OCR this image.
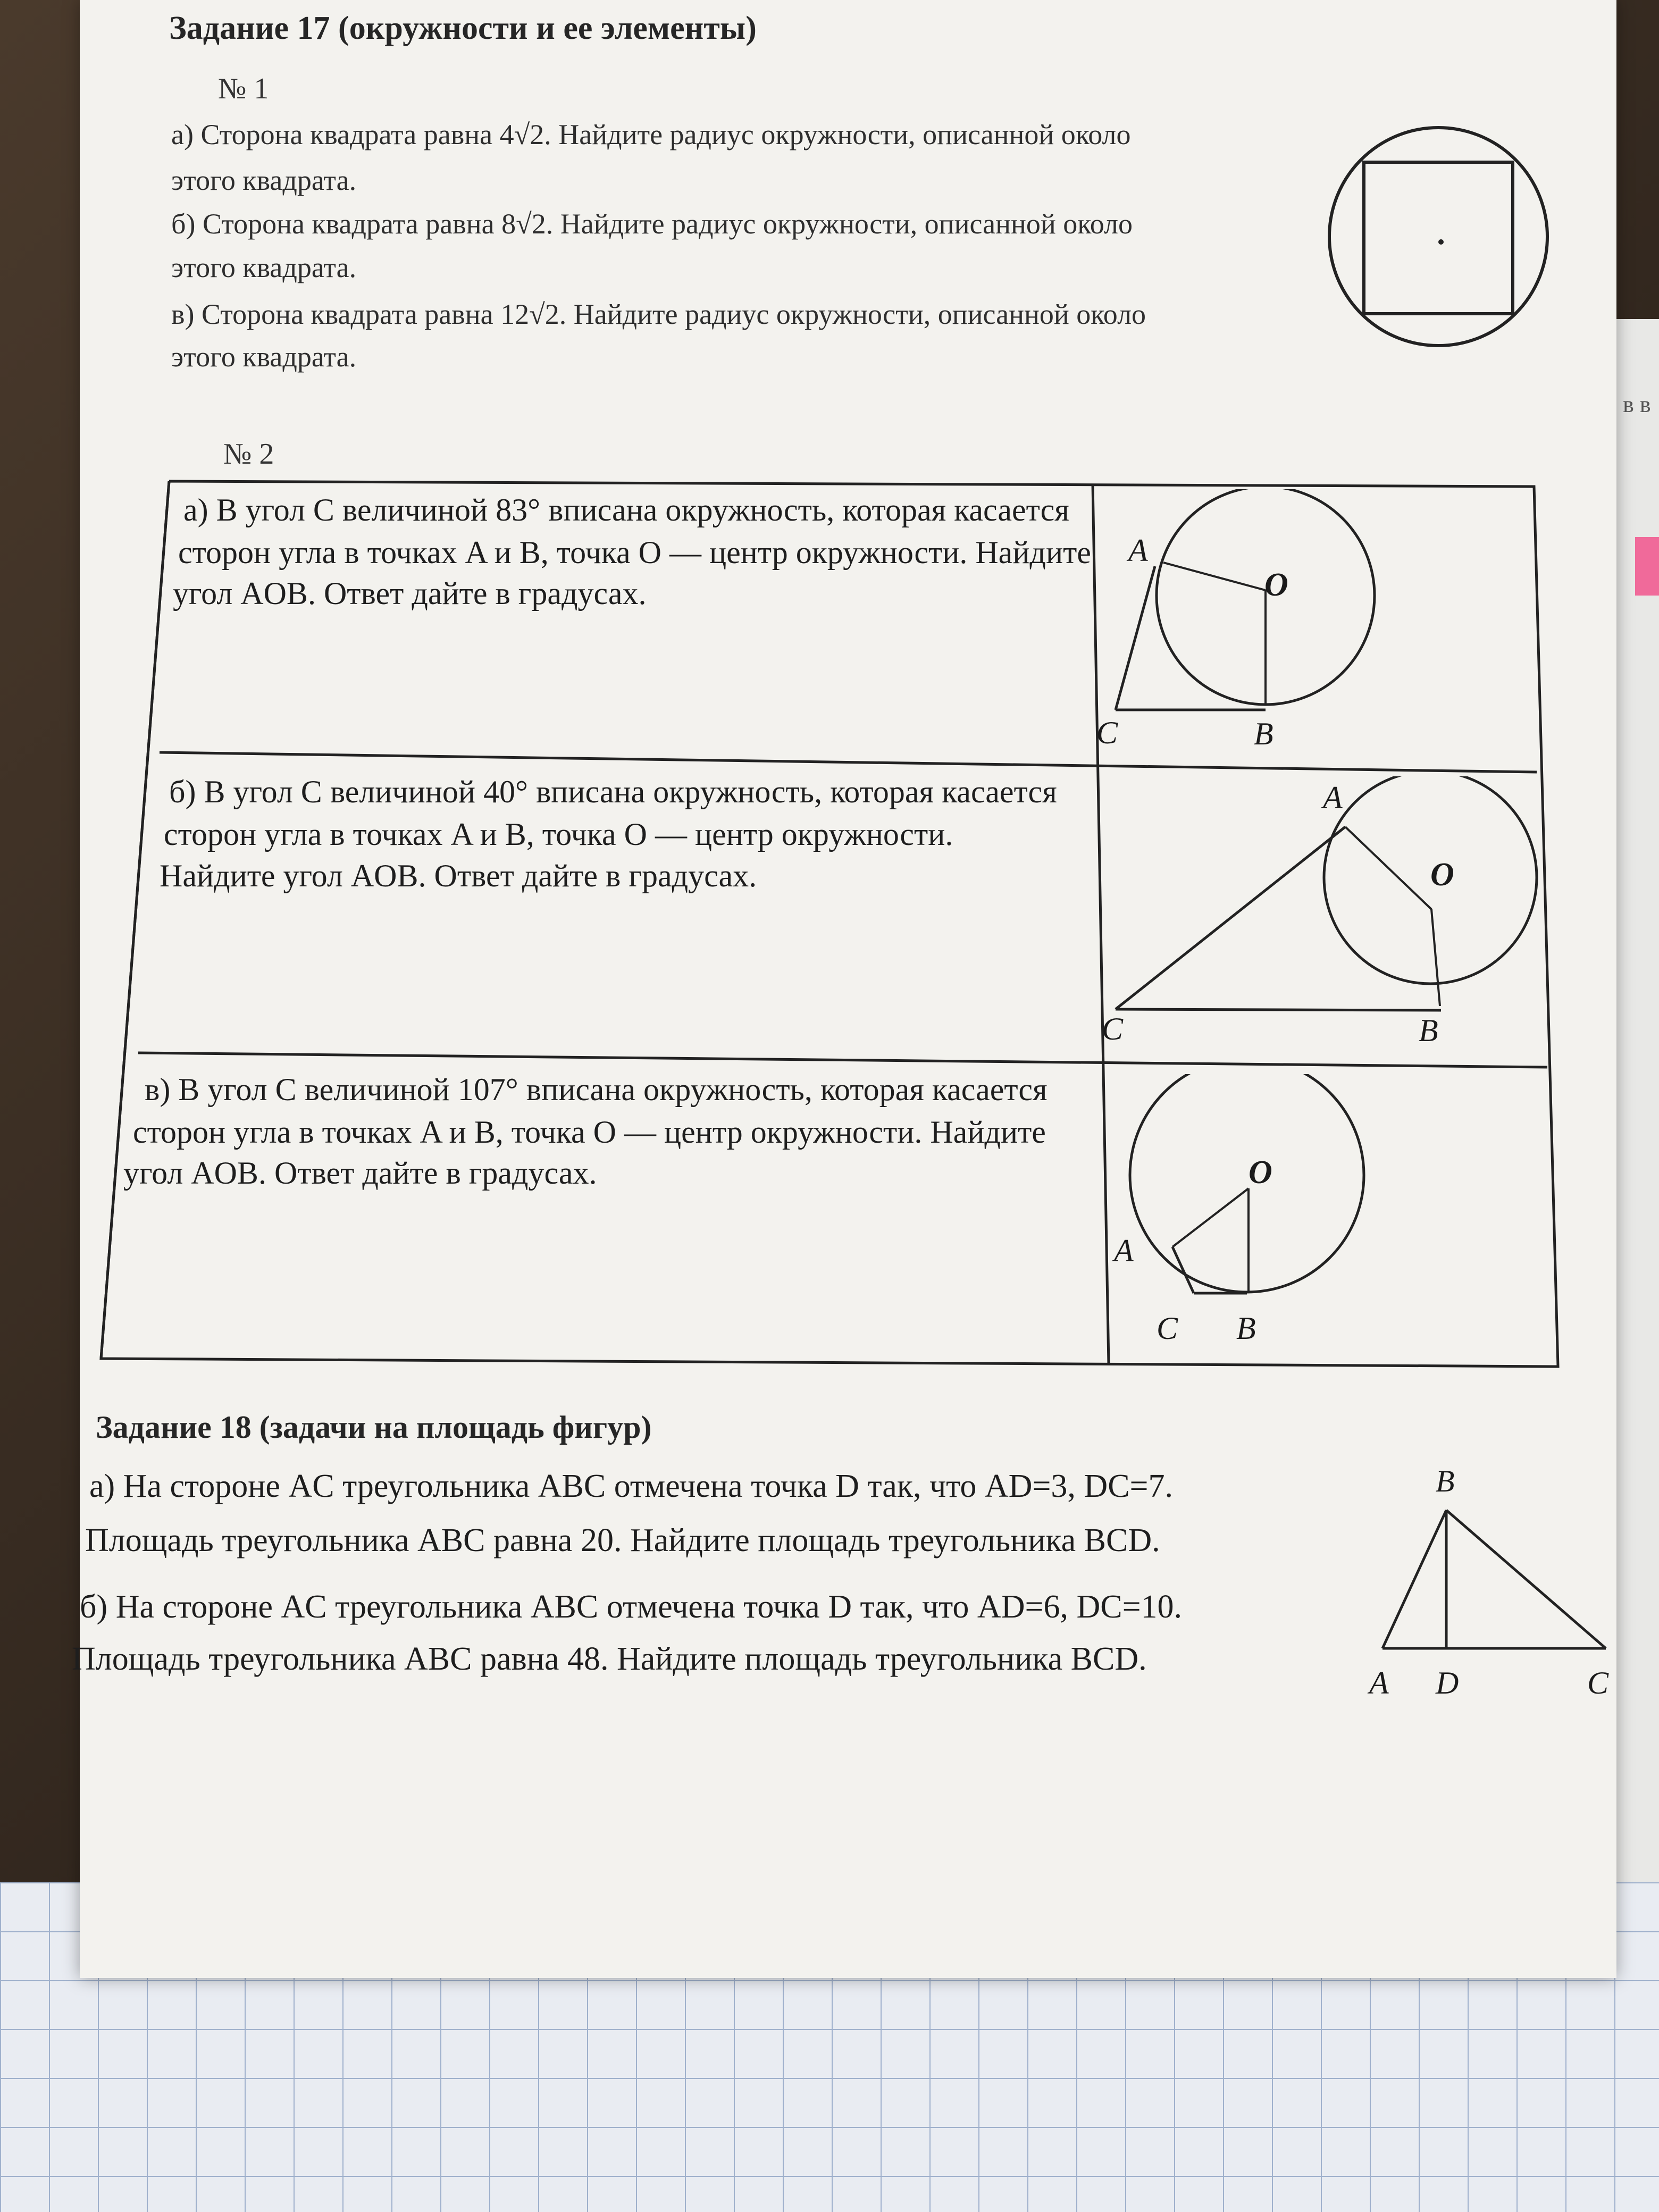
в в
Задание 17 (окружности и ее элементы)
№ 1
а) Сторона квадрата равна 4√2. Найдите радиус окружности, описанной около
этого квадрата.
б) Сторона квадрата равна 8√2. Найдите радиус окружности, описанной около
этого квадрата.
в) Сторона квадрата равна 12√2. Найдите радиус окружности, описанной около
этого квадрата.
№ 2
а) В угол C величиной 83° вписана окружность, которая касается
сторон угла в точках A и B, точка O — центр окружности. Найдите
угол AOB. Ответ дайте в градусах.
б) В угол C величиной 40° вписана окружность, которая касается
сторон угла в точках A и B, точка O — центр окружности.
Найдите угол AOB. Ответ дайте в градусах.
в) В угол C величиной 107° вписана окружность, которая касается
сторон угла в точках A и B, точка O — центр окружности. Найдите
угол AOB. Ответ дайте в градусах.
A
O
C	B
A
O
C	B
O
A
C B
Задание 18 (задачи на площадь фигур)
а) На стороне AC треугольника ABC отмечена точка D так, что AD=3, DC=7.
Площадь треугольника ABC равна 20. Найдите площадь треугольника BCD.
б) На стороне AC треугольника ABC отмечена точка D так, что AD=6, DC=10.
Площадь треугольника ABC равна 48. Найдите площадь треугольника BCD.
B
A D	C
